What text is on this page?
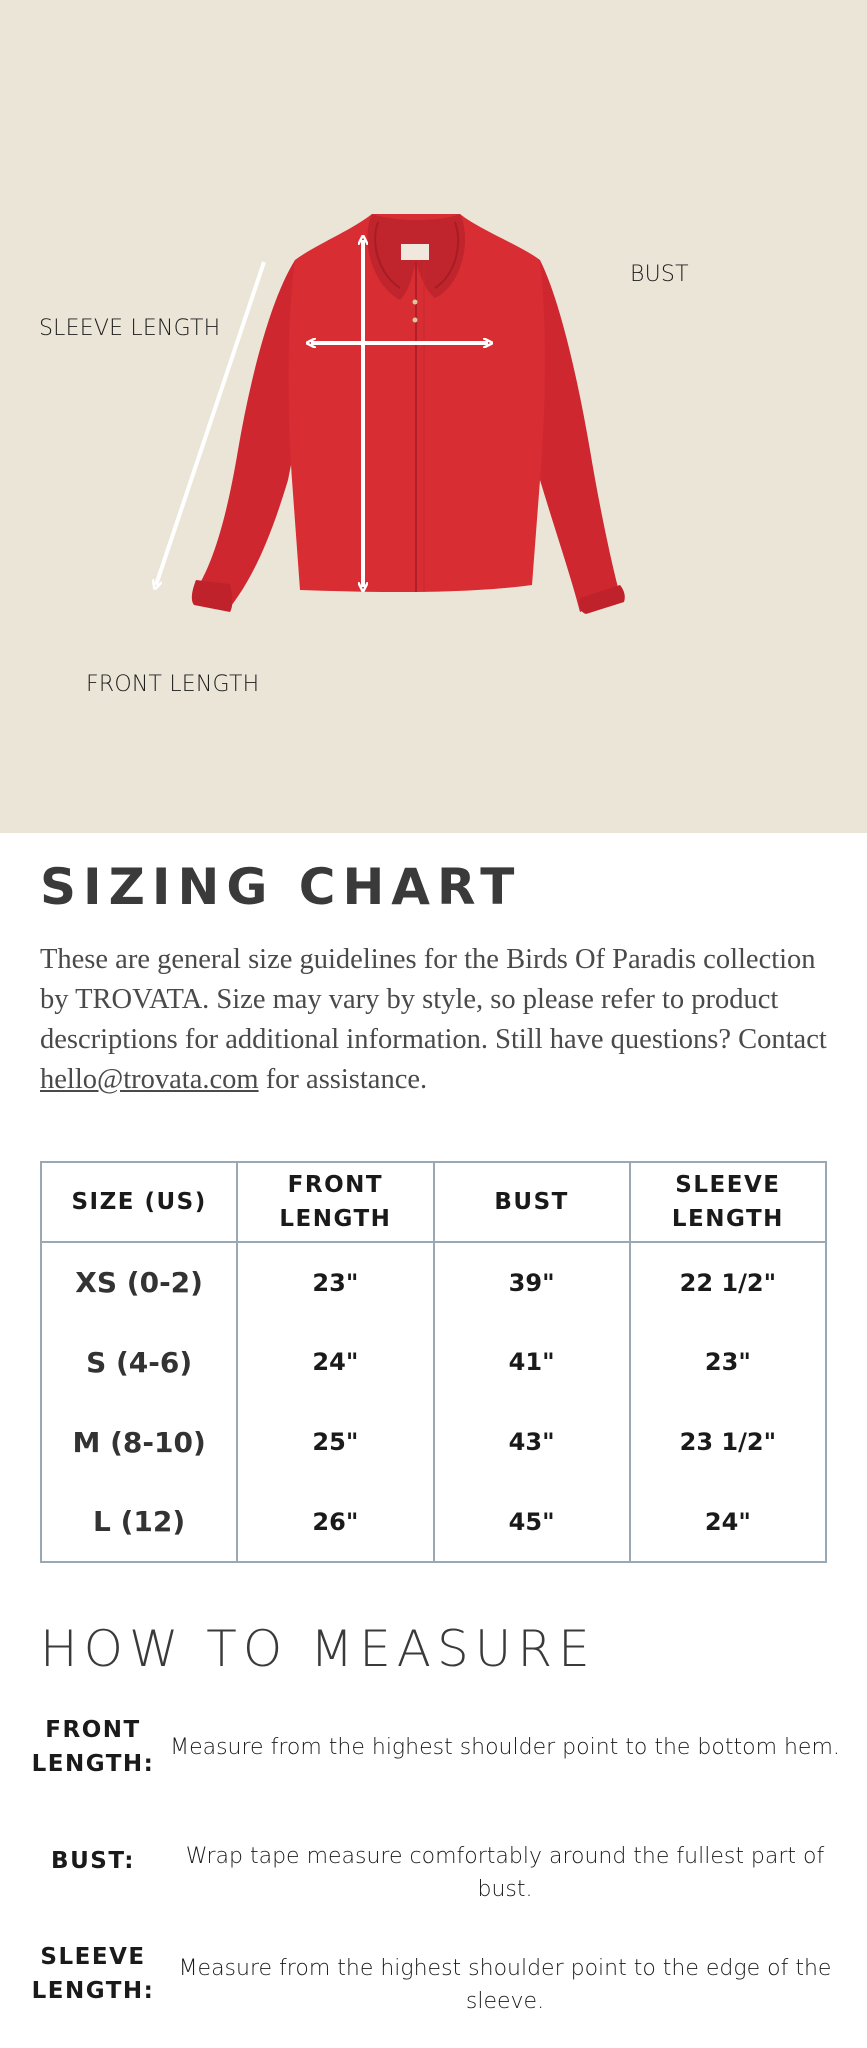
SLEEVE LENGTH
BUST
FRONT LENGTH
SIZING CHART

These are general size guidelines for the Birds Of Paradis collection by TROVATA. Size may vary by style, so please refer to product descriptions for additional information. Still have questions? Contact hello@trovata.com for assistance.

SIZE (US)	FRONT LENGTH	BUST	SLEEVE LENGTH
XS (0-2)	23"	39"	22 1/2"
S (4-6)	24"	41"	23"
M (8-10)	25"	43"	23 1/2"
L (12)	26"	45"	24"
HOW TO MEASURE
FRONT LENGTH:
Measure from the highest shoulder point to the bottom hem.
BUST:	Wrap tape measure comfortably around the fullest part of bust.
SLEEVE LENGTH:
Measure from the highest shoulder point to the edge of the sleeve.
